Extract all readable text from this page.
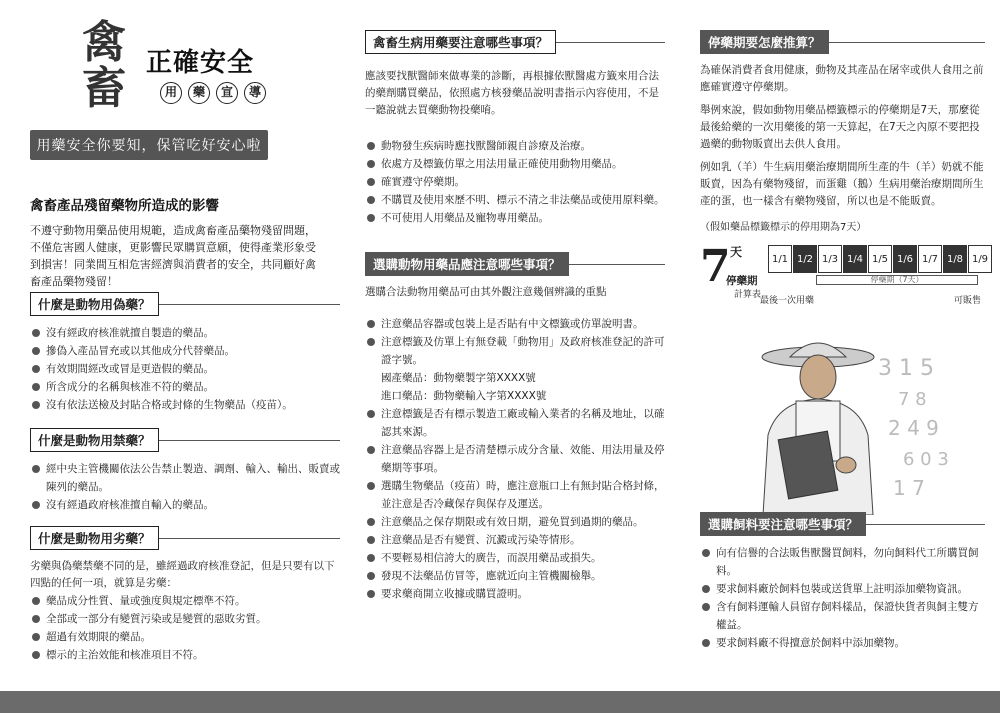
禽
畜 正確安全
用	藥	宣	導
用藥安全你要知，保管吃好安心啦
禽畜產品殘留藥物所造成的影響
不遵守動物用藥品使用規範，造成禽畜產品藥物殘留問題，不僅危害國人健康，更影響民眾購買意願，使得產業形象受到損害！同業間互相危害經濟與消費者的安全，共同顧好禽畜產品藥物殘留！
什麼是動物用偽藥？
沒有經政府核准就擅自製造的藥品。
摻偽入產品冒充或以其他成分代替藥品。
有效期間經改或冒是更造假的藥品。
所含成分的名稱與核准不符的藥品。
沒有依法送檢及封貼合格或封條的生物藥品（疫苗）。
什麼是動物用禁藥？
經中央主管機關依法公告禁止製造、調劑、輸入、輸出、販賣或陳列的藥品。
沒有經過政府核准擅自輸入的藥品。
什麼是動物用劣藥？
劣藥與偽藥禁藥不同的是，雖經過政府核准登記，但是只要有以下四點的任何一項，就算是劣藥：
藥品成分性質、量或強度與規定標準不符。
全部或一部分有變質污染或是變質的惡敗劣質。
超過有效期限的藥品。
標示的主治效能和核准項目不符。
禽畜生病用藥要注意哪些事項？
應該要找獸醫師來做專業的診斷，再根據依獸醫處方籤來用合法的藥劑購買藥品，依照處方核發藥品說明書指示內容使用，不是一聽說就去買藥動物投藥唷。
動物發生疾病時應找獸醫師親自診療及治療。
依處方及標籤仿單之用法用量正確使用動物用藥品。
確實遵守停藥期。
不購買及使用來歷不明、標示不清之非法藥品或使用原料藥。
不可使用人用藥品及寵物專用藥品。
選購動物用藥品應注意哪些事項？
選購合法動物用藥品可由其外觀注意幾個辨識的重點
注意藥品容器或包裝上是否貼有中文標籤或仿單說明書。
注意標籤及仿單上有無登載「動物用」及政府核准登記的許可證字號。
國產藥品：動物藥製字第XXXX號
進口藥品：動物藥輸入字第XXXX號
注意標籤是否有標示製造工廠或輸入業者的名稱及地址，以確認其來源。
注意藥品容器上是否清楚標示成分含量、效能、用法用量及停藥期等事項。
選購生物藥品（疫苗）時，應注意瓶口上有無封貼合格封條，並注意是否冷藏保存與保存及運送。
注意藥品之保存期限或有效日期，避免買到過期的藥品。
注意藥品是否有變質、沉澱或污染等情形。
不要輕易相信誇大的廣告，而誤用藥品或損失。
發現不法藥品仿冒等，應就近向主管機關檢舉。
要求藥商開立收據或購買證明。
停藥期要怎麼推算？
為確保消費者食用健康，動物及其產品在屠宰或供人食用之前應確實遵守停藥期。
舉例來說，假如動物用藥品標籤標示的停藥期是7天，那麼從最後給藥的一次用藥後的第一天算起，在7天之內原不要把投過藥的動物販賣出去供人食用。
例如乳（羊）牛生病用藥治療期間所生產的牛（羊）奶就不能販賣，因為有藥物殘留，而蛋雞（鵝）生病用藥治療期間所生產的蛋，也一樣含有藥物殘留，所以也是不能販賣。
（假如藥品標籤標示的停用期為7天）
7 天
停藥期
計算表
1/1 1/2 1/3 1/4 1/5 1/6 1/7 1/8 1/9
停藥期（7天）
最後一次用藥	可販售
3 1 5
7 8
2 4 9
6 0 3
1 7
選購飼料要注意哪些事項？
向有信譽的合法販售獸醫買飼料，勿向飼料代工所購買飼料。
要求飼料廠於飼料包裝或送貨單上註明添加藥物資訊。
含有飼料運輸人員留存飼料樣品，保證快貨者與飼主雙方權益。
要求飼料廠不得擅意於飼料中添加藥物。
